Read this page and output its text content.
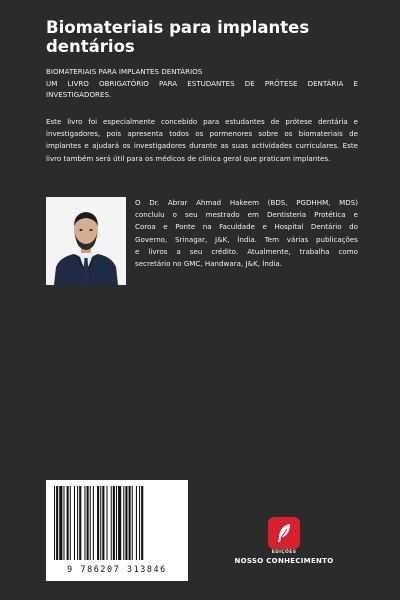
Biomateriais para implantes dentários
BIOMATERIAIS PARA IMPLANTES DENTÁRIOS
UM LIVRO OBRIGATÓRIO PARA ESTUDANTES DE PRÓTESE DENTÁRIA E
INVESTIGADORES.

Este livro foi especialmente concebido para estudantes de prótese dentária e investigadores, pois apresenta todos os pormenores sobre os biomateriais de implantes e ajudará os investigadores durante as suas actividades curriculares. Este livro também será útil para os médicos de clínica geral que praticam implantes.

O Dr. Abrar Ahmad Hakeem (BDS, PGDHHM, MDS)
concluiu o seu mestrado em Dentisteria Protética e
Coroa e Ponte na Faculdade e Hospital Dentário do
Governo, Srinagar, J&K, Índia. Tem várias publicações
e livros a seu crédito. Atualmente, trabalha como
secretário no GMC, Handwara, J&K, Índia.
9 786207 313846
EDIÇÕES
NOSSO CONHECIMENTO
